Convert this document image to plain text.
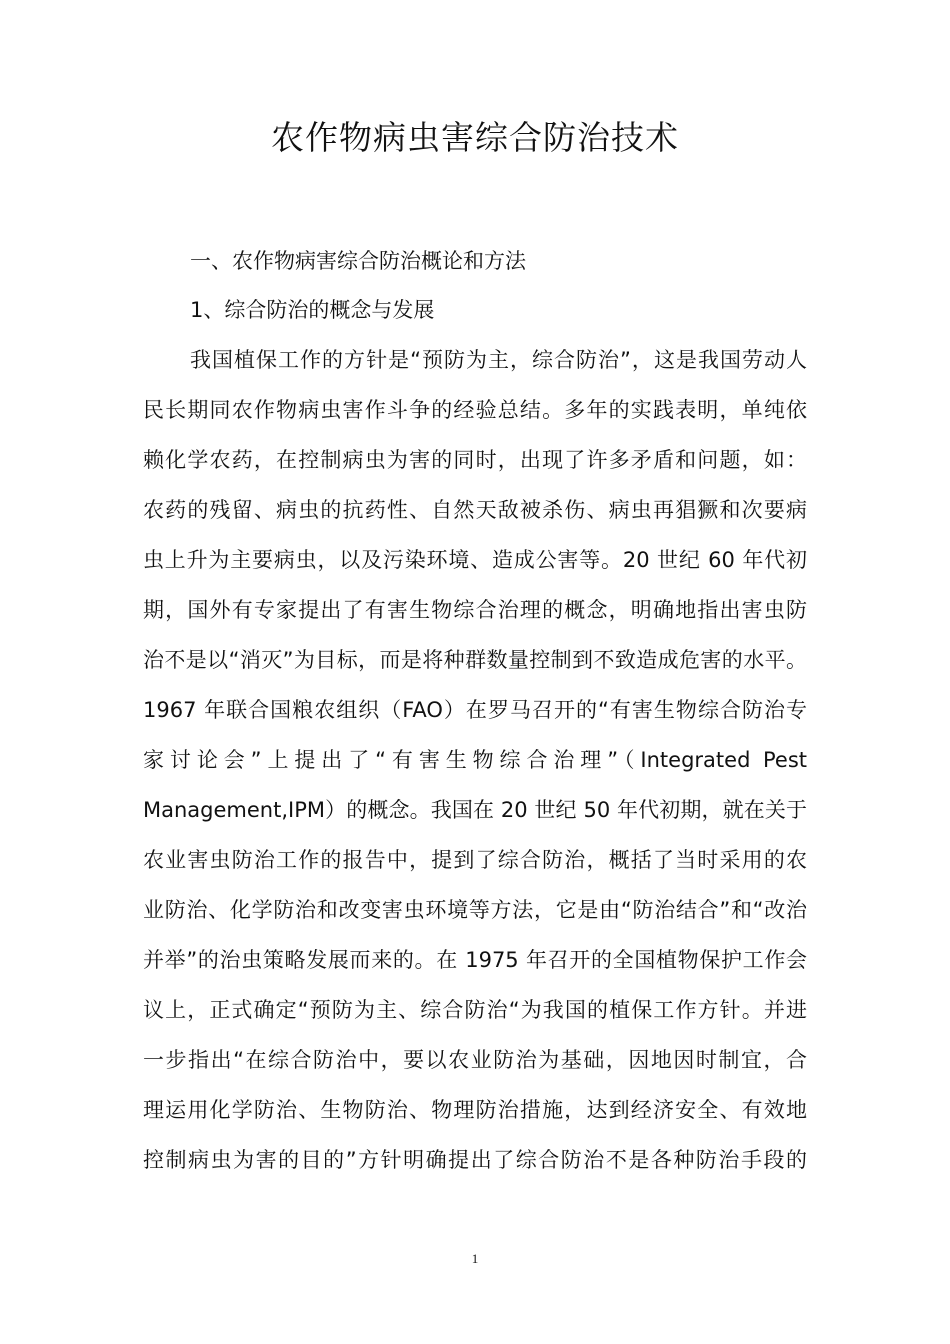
农作物病虫害综合防治技术
一、农作物病害综合防治概论和方法
1、综合防治的概念与发展
我国植保工作的方针是“预防为主，综合防治”，这是我国劳动人
民长期同农作物病虫害作斗争的经验总结。多年的实践表明，单纯依
赖化学农药，在控制病虫为害的同时，出现了许多矛盾和问题，如：
农药的残留、病虫的抗药性、自然天敌被杀伤、病虫再猖獗和次要病
虫上升为主要病虫，以及污染环境、造成公害等。20 世纪 60 年代初
期，国外有专家提出了有害生物综合治理的概念，明确地指出害虫防
治不是以“消灭”为目标，而是将种群数量控制到不致造成危害的水平。
1967 年联合国粮农组织（FAO）在罗马召开的“有害生物综合防治专
家讨论会”上提出了“有害生物综合治理”（Integrated Pest
Management,IPM）的概念。我国在 20 世纪 50 年代初期，就在关于
农业害虫防治工作的报告中，提到了综合防治，概括了当时采用的农
业防治、化学防治和改变害虫环境等方法，它是由“防治结合”和“改治
并举”的治虫策略发展而来的。在 1975 年召开的全国植物保护工作会
议上，正式确定“预防为主、综合防治“为我国的植保工作方针。并进
一步指出“在综合防治中，要以农业防治为基础，因地因时制宜，合
理运用化学防治、生物防治、物理防治措施，达到经济安全、有效地
控制病虫为害的目的”方针明确提出了综合防治不是各种防治手段的
1
